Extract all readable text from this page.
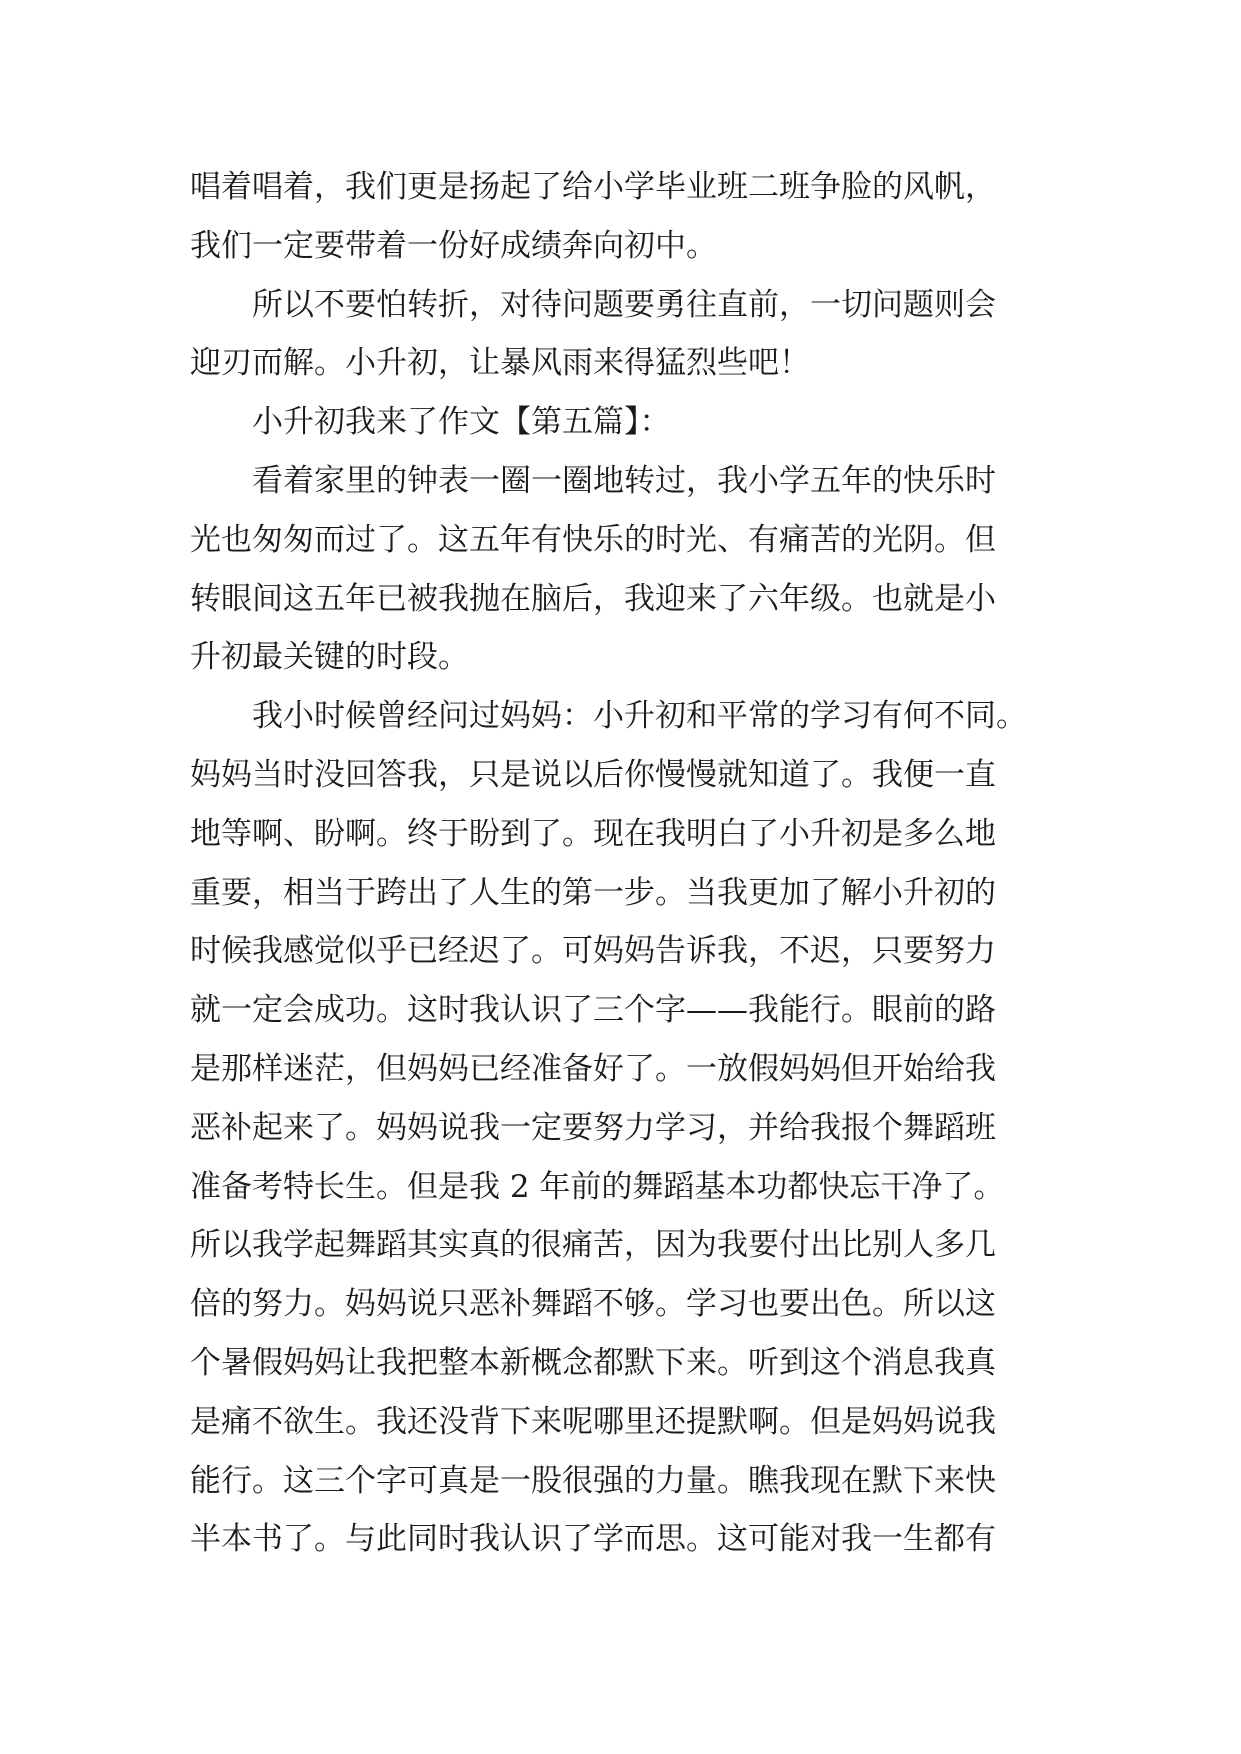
唱着唱着，我们更是扬起了给小学毕业班二班争脸的风帆，
我们一定要带着一份好成绩奔向初中。
所以不要怕转折，对待问题要勇往直前，一切问题则会
迎刃而解。小升初，让暴风雨来得猛烈些吧！
小升初我来了作文【第五篇】：
看着家里的钟表一圈一圈地转过，我小学五年的快乐时
光也匆匆而过了。这五年有快乐的时光、有痛苦的光阴。但
转眼间这五年已被我抛在脑后，我迎来了六年级。也就是小
升初最关键的时段。
我小时候曾经问过妈妈：小升初和平常的学习有何不同。
妈妈当时没回答我，只是说以后你慢慢就知道了。我便一直
地等啊、盼啊。终于盼到了。现在我明白了小升初是多么地
重要，相当于跨出了人生的第一步。当我更加了解小升初的
时候我感觉似乎已经迟了。可妈妈告诉我，不迟，只要努力
就一定会成功。这时我认识了三个字——我能行。眼前的路
是那样迷茫，但妈妈已经准备好了。一放假妈妈但开始给我
恶补起来了。妈妈说我一定要努力学习，并给我报个舞蹈班
准备考特长生。但是我 2 年前的舞蹈基本功都快忘干净了。
所以我学起舞蹈其实真的很痛苦，因为我要付出比别人多几
倍的努力。妈妈说只恶补舞蹈不够。学习也要出色。所以这
个暑假妈妈让我把整本新概念都默下来。听到这个消息我真
是痛不欲生。我还没背下来呢哪里还提默啊。但是妈妈说我
能行。这三个字可真是一股很强的力量。瞧我现在默下来快
半本书了。与此同时我认识了学而思。这可能对我一生都有
